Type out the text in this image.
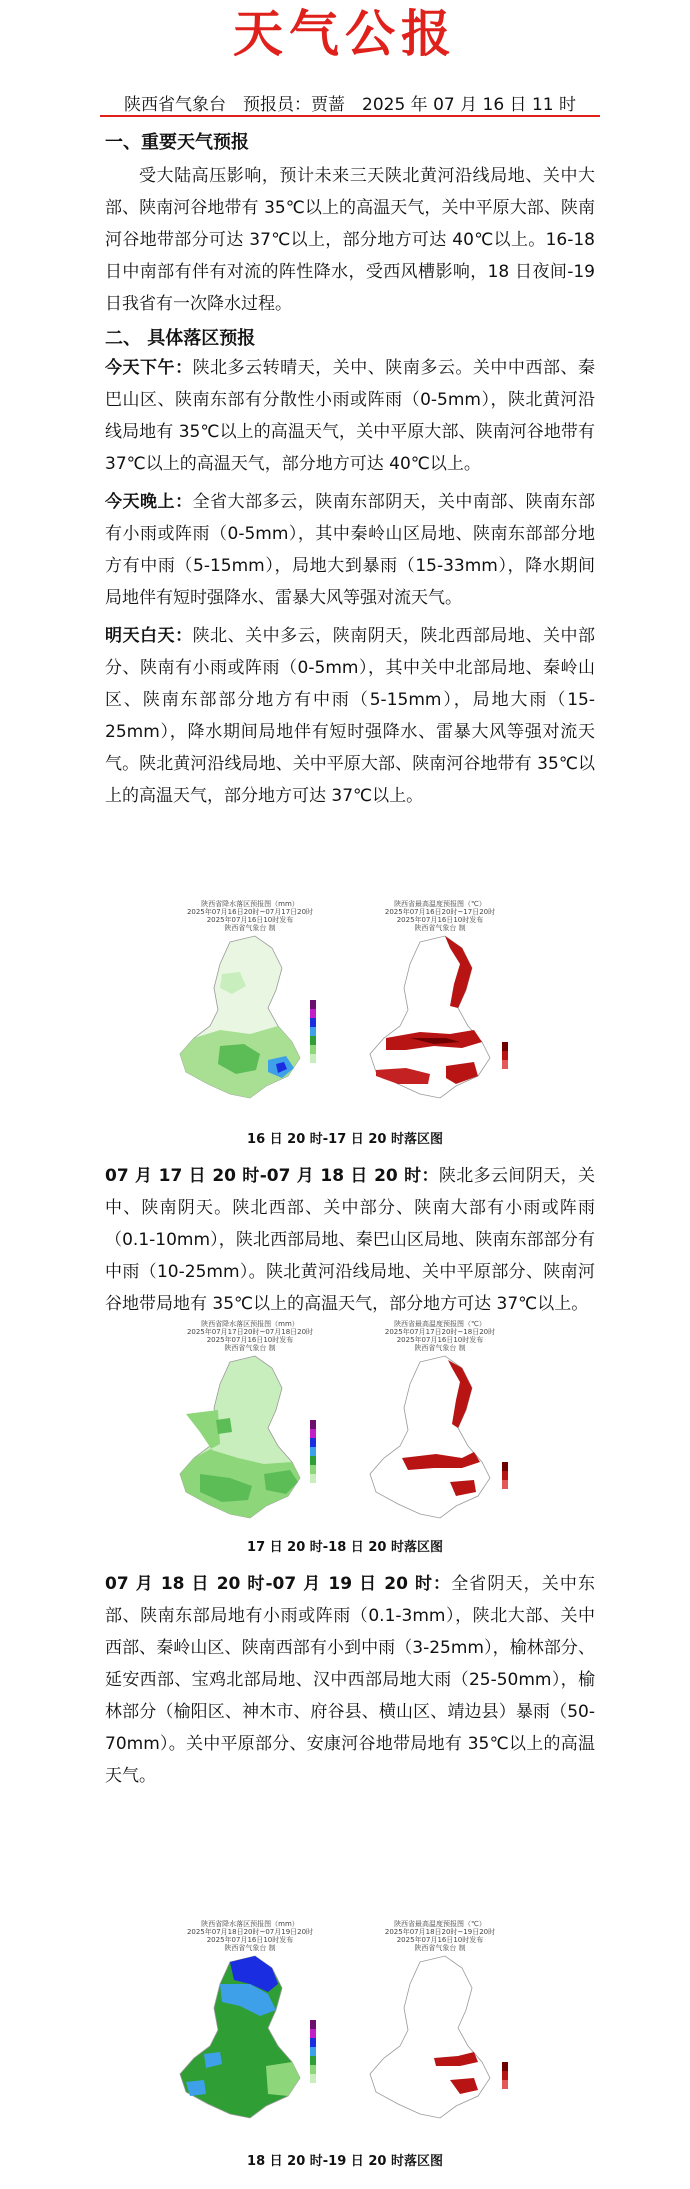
天气公报
陕西省气象台　预报员：贾蔷　2025 年 07 月 16 日 11 时
一、重要天气预报

受大陆高压影响，预计未来三天陕北黄河沿线局地、关中大部、陕南河谷地带有 35℃以上的高温天气，关中平原大部、陕南河谷地带部分可达 37℃以上，部分地方可达 40℃以上。16-18 日中南部有伴有对流的阵性降水，受西风槽影响，18 日夜间-19 日我省有一次降水过程。

二、 具体落区预报

今天下午：陕北多云转晴天，关中、陕南多云。关中中西部、秦巴山区、陕南东部有分散性小雨或阵雨（0-5mm），陕北黄河沿线局地有 35℃以上的高温天气，关中平原大部、陕南河谷地带有 37℃以上的高温天气，部分地方可达 40℃以上。

今天晚上：全省大部多云，陕南东部阴天，关中南部、陕南东部有小雨或阵雨（0-5mm），其中秦岭山区局地、陕南东部部分地方有中雨（5-15mm），局地大到暴雨（15-33mm），降水期间局地伴有短时强降水、雷暴大风等强对流天气。

明天白天：陕北、关中多云，陕南阴天，陕北西部局地、关中部分、陕南有小雨或阵雨（0-5mm），其中关中北部局地、秦岭山区、陕南东部部分地方有中雨（5-15mm），局地大雨（15-25mm），降水期间局地伴有短时强降水、雷暴大风等强对流天气。陕北黄河沿线局地、关中平原大部、陕南河谷地带有 35℃以上的高温天气，部分地方可达 37℃以上。

陕西省降水落区预报图（mm）
2025年07月16日20时~07月17日20时
2025年07月16日10时发布
陕西省气象台 制
陕西省最高温度预报图（℃）
2025年07月16日20时~17日20时
2025年07月16日10时发布
陕西省气象台 制
16 日 20 时-17 日 20 时落区图

07 月 17 日 20 时-07 月 18 日 20 时：陕北多云间阴天，关中、陕南阴天。陕北西部、关中部分、陕南大部有小雨或阵雨（0.1-10mm），陕北西部局地、秦巴山区局地、陕南东部部分有中雨（10-25mm）。陕北黄河沿线局地、关中平原部分、陕南河谷地带局地有 35℃以上的高温天气，部分地方可达 37℃以上。

陕西省降水落区预报图（mm）
2025年07月17日20时~07月18日20时
2025年07月16日10时发布
陕西省气象台 制
陕西省最高温度预报图（℃）
2025年07月17日20时~18日20时
2025年07月16日10时发布
陕西省气象台 制
17 日 20 时-18 日 20 时落区图

07 月 18 日 20 时-07 月 19 日 20 时：全省阴天，关中东部、陕南东部局地有小雨或阵雨（0.1-3mm），陕北大部、关中西部、秦岭山区、陕南西部有小到中雨（3-25mm），榆林部分、延安西部、宝鸡北部局地、汉中西部局地大雨（25-50mm），榆林部分（榆阳区、神木市、府谷县、横山区、靖边县）暴雨（50-70mm）。关中平原部分、安康河谷地带局地有 35℃以上的高温天气。

陕西省降水落区预报图（mm）
2025年07月18日20时~07月19日20时
2025年07月16日10时发布
陕西省气象台 制
陕西省最高温度预报图（℃）
2025年07月18日20时~19日20时
2025年07月16日10时发布
陕西省气象台 制
18 日 20 时-19 日 20 时落区图
